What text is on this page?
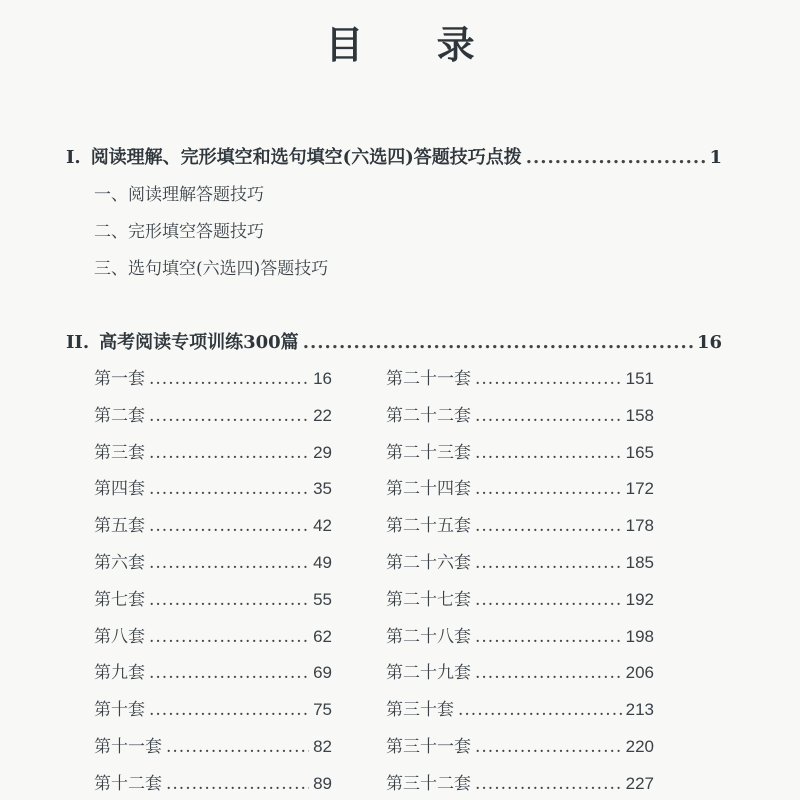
目 录
I. 阅读理解、完形填空和选句填空(六选四)答题技巧点拨 .....	1
一、阅读理解答题技巧
二、完形填空答题技巧
三、选句填空(六选四)答题技巧
II. 高考阅读专项训练300篇 .....	16
第一套 .....	16
第二套 .....	22
第三套 .....	29
第四套 .....	35
第五套 .....	42
第六套 .....	49
第七套 .....	55
第八套 .....	62
第九套 .....	69
第十套 .....	75
第十一套 .....	82
第十二套 .....	89
第二十一套 .....	151
第二十二套 .....	158
第二十三套 .....	165
第二十四套 .....	172
第二十五套 .....	178
第二十六套 .....	185
第二十七套 .....	192
第二十八套 .....	198
第二十九套 .....	206
第三十套 .....	213
第三十一套 .....	220
第三十二套 .....	227
